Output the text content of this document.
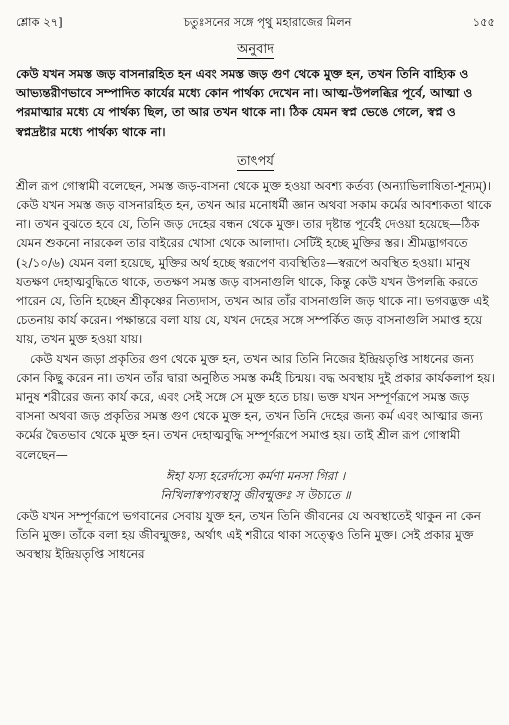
শ্লোক ২৭]	চতুঃসনের সঙ্গে পৃথু মহারাজের মিলন	১৫৫
অনুবাদ

কেউ যখন সমস্ত জড় বাসনারহিত হন এবং সমস্ত জড় গুণ থেকে মুক্ত হন, তখন তিনি বাহ্যিক ও আভ্যন্তরীণভাবে সম্পাদিত কার্যের মধ্যে কোন পার্থক্য দেখেন না। আত্ম-উপলব্ধির পূর্বে, আত্মা ও পরমাত্মার মধ্যে যে পার্থক্য ছিল, তা আর তখন থাকে না। ঠিক যেমন স্বপ্ন ভেঙে গেলে, স্বপ্ন ও স্বপ্নদ্রষ্টার মধ্যে পার্থক্য থাকে না।

তাৎপর্য

শ্রীল রূপ গোস্বামী বলেছেন, সমস্ত জড়-বাসনা থেকে মুক্ত হওয়া অবশ্য কর্তব্য (অন্যাভিলাষিতা-শূন্যম্)। কেউ যখন সমস্ত জড় বাসনারহিত হন, তখন আর মনোধর্মী জ্ঞান অথবা সকাম কর্মের আবশ্যকতা থাকে না। তখন বুঝতে হবে যে, তিনি জড় দেহের বন্ধন থেকে মুক্ত। তার দৃষ্টান্ত পূর্বেই দেওয়া হয়েছে—ঠিক যেমন শুকনো নারকেল তার বাইরের খোসা থেকে আলাদা। সেটিই হচ্ছে মুক্তির স্তর। শ্রীমদ্ভাগবতে (২/১০/৬) যেমন বলা হয়েছে, মুক্তির অর্থ হচ্ছে স্বরূপেণ ব্যবস্থিতিঃ—স্বরূপে অবস্থিত হওয়া। মানুষ যতক্ষণ দেহাত্মবুদ্ধিতে থাকে, ততক্ষণ সমস্ত জড় বাসনাগুলি থাকে, কিন্তু কেউ যখন উপলব্ধি করতে পারেন যে, তিনি হচ্ছেন শ্রীকৃষ্ণের নিত্যদাস, তখন আর তাঁর বাসনাগুলি জড় থাকে না। ভগবদ্ভক্ত এই চেতনায় কার্য করেন। পক্ষান্তরে বলা যায় যে, যখন দেহের সঙ্গে সম্পর্কিত জড় বাসনাগুলি সমাপ্ত হয়ে যায়, তখন মুক্ত হওয়া যায়।

কেউ যখন জড়া প্রকৃতির গুণ থেকে মুক্ত হন, তখন আর তিনি নিজের ইন্দ্রিয়তৃপ্তি সাধনের জন্য কোন কিছু করেন না। তখন তাঁর দ্বারা অনুষ্ঠিত সমস্ত কর্মই চিন্ময়। বদ্ধ অবস্থায় দুই প্রকার কার্যকলাপ হয়। মানুষ শরীরের জন্য কার্য করে, এবং সেই সঙ্গে সে মুক্ত হতে চায়। ভক্ত যখন সম্পূর্ণরূপে সমস্ত জড় বাসনা অথবা জড় প্রকৃতির সমস্ত গুণ থেকে মুক্ত হন, তখন তিনি দেহের জন্য কর্ম এবং আত্মার জন্য কর্মের দ্বৈতভাব থেকে মুক্ত হন। তখন দেহাত্মবুদ্ধি সম্পূর্ণরূপে সমাপ্ত হয়। তাই শ্রীল রূপ গোস্বামী বলেছেন—

ঈহা যস্য হরের্দাস্যে কর্মণা মনসা গিরা ।
নিখিলাস্বপ্যবস্থাসু জীবন্মুক্তঃ স উচ্যতে ॥

কেউ যখন সম্পূর্ণরূপে ভগবানের সেবায় যুক্ত হন, তখন তিনি জীবনের যে অবস্থাতেই থাকুন না কেন তিনি মুক্ত। তাঁকে বলা হয় জীবন্মুক্তঃ, অর্থাৎ এই শরীরে থাকা সত্ত্বেও তিনি মুক্ত। সেই প্রকার মুক্ত অবস্থায় ইন্দ্রিয়তৃপ্তি সাধনের
